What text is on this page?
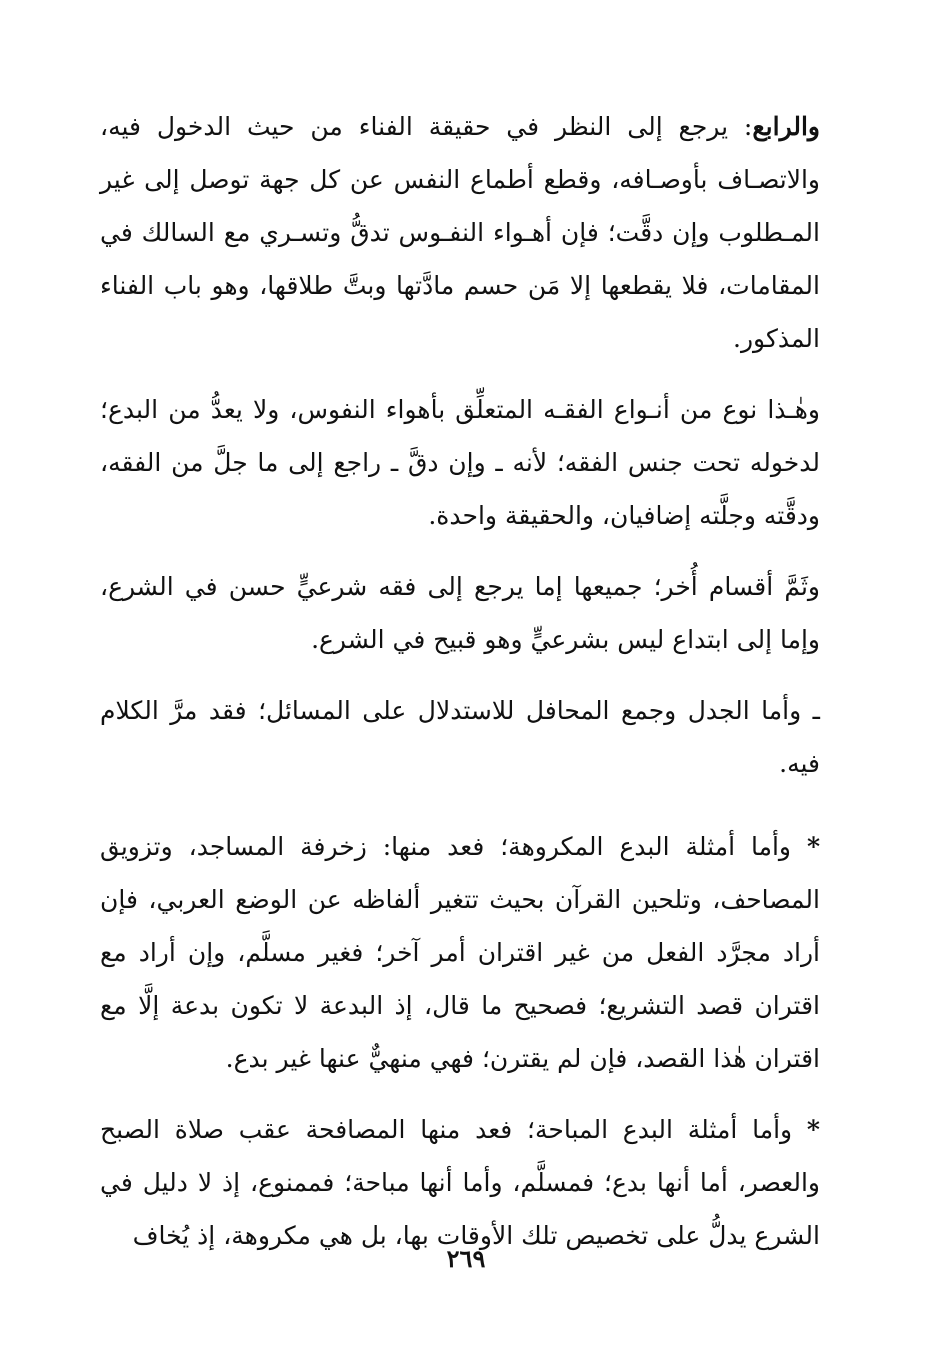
والرابع: يرجع إلى النظر في حقيقة الفناء من حيث الدخول فيه، والاتصـاف بأوصـافه، وقطع أطماع النفس عن كل جهة توصل إلى غير المـطلوب وإن دقَّت؛ فإن أهـواء النفـوس تدقُّ وتسـري مع السالك في المقامات، فلا يقطعها إلا مَن حسم مادَّتها وبتَّ طلاقها، وهو باب الفناء المذكور.

وهٰـذا نوع من أنـواع الفقـه المتعلِّق بأهواء النفوس، ولا يعدُّ من البدع؛ لدخوله تحت جنس الفقه؛ لأنه ـ وإن دقَّ ـ راجع إلى ما جلَّ من الفقه، ودقَّته وجلَّته إضافيان، والحقيقة واحدة.

وثَمَّ أقسام أُخر؛ جميعها إما يرجع إلى فقه شرعيٍّ حسن في الشرع، وإما إلى ابتداع ليس بشرعيٍّ وهو قبيح في الشرع.

ـ وأما الجدل وجمع المحافل للاستدلال على المسائل؛ فقد مرَّ الكلام فيه.

* وأما أمثلة البدع المكروهة؛ فعد منها: زخرفة المساجد، وتزويق المصاحف، وتلحين القرآن بحيث تتغير ألفاظه عن الوضع العربي، فإن أراد مجرَّد الفعل من غير اقتران أمر آخر؛ فغير مسلَّم، وإن أراد مع اقتران قصد التشريع؛ فصحيح ما قال، إذ البدعة لا تكون بدعة إلَّا مع اقتران هٰذا القصد، فإن لم يقترن؛ فهي منهيٌّ عنها غير بدع.

* وأما أمثلة البدع المباحة؛ فعد منها المصافحة عقب صلاة الصبح والعصر، أما أنها بدع؛ فمسلَّم، وأما أنها مباحة؛ فممنوع، إذ لا دليل في الشرع يدلُّ على تخصيص تلك الأوقات بها، بل هي مكروهة، إذ يُخاف

٢٦٩
